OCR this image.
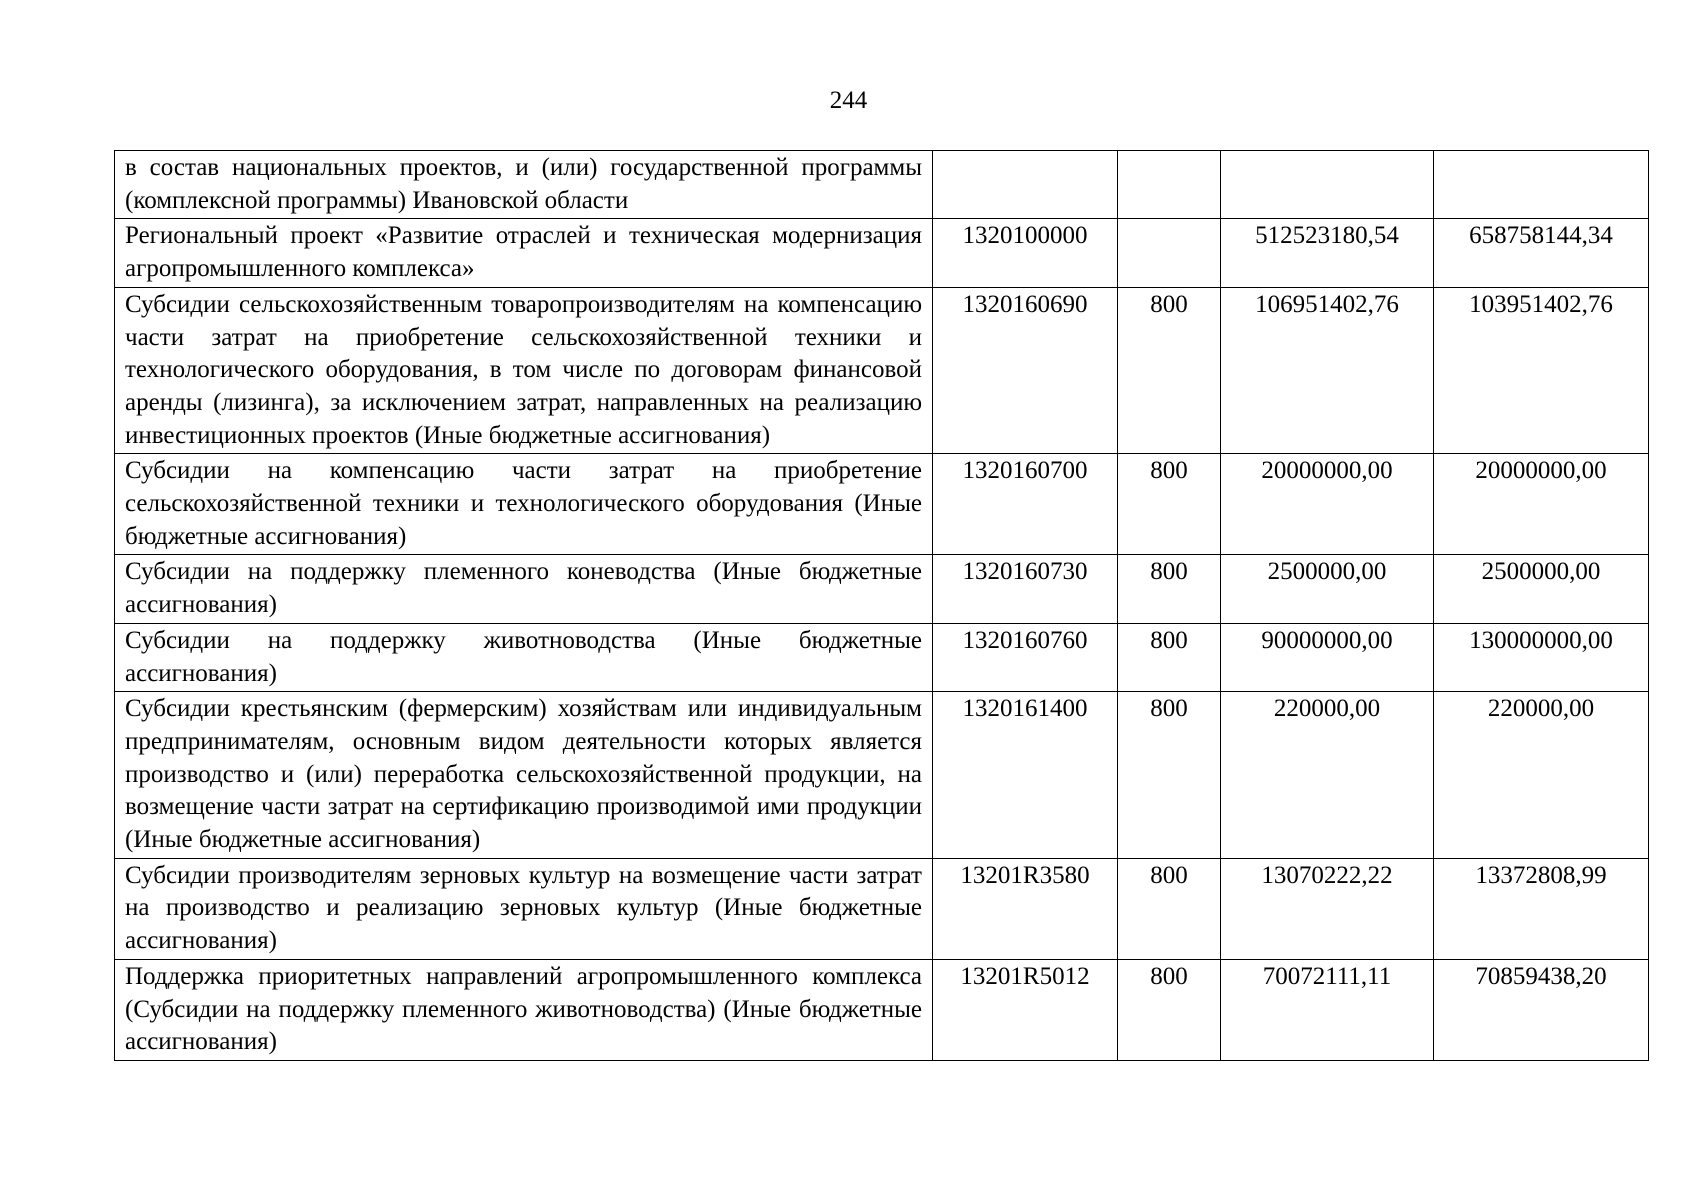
244
в состав национальных проектов, и (или) государственной программы (комплексной программы) Ивановской области				
Региональный проект «Развитие отраслей и техническая модернизация агропромышленного комплекса»	1320100000		512523180,54	658758144,34
Субсидии сельскохозяйственным товаропроизводителям на компенсацию части затрат на приобретение сельскохозяйственной техники и технологического оборудования, в том числе по договорам финансовой аренды (лизинга), за исключением затрат, направленных на реализацию инвестиционных проектов (Иные бюджетные ассигнования)	1320160690	800	106951402,76	103951402,76
Субсидии на компенсацию части затрат на приобретение сельскохозяйственной техники и технологического оборудования (Иные бюджетные ассигнования)	1320160700	800	20000000,00	20000000,00
Субсидии на поддержку племенного коневодства (Иные бюджетные ассигнования)	1320160730	800	2500000,00	2500000,00
Субсидии на поддержку животноводства (Иные бюджетные ассигнования)	1320160760	800	90000000,00	130000000,00
Субсидии крестьянским (фермерским) хозяйствам или индивидуальным предпринимателям, основным видом деятельности которых является производство и (или) переработка сельскохозяйственной продукции, на возмещение части затрат на сертификацию производимой ими продукции (Иные бюджетные ассигнования)	1320161400	800	220000,00	220000,00
Субсидии производителям зерновых культур на возмещение части затрат на производство и реализацию зерновых культур (Иные бюджетные ассигнования)	13201R3580	800	13070222,22	13372808,99
Поддержка приоритетных направлений агропромышленного комплекса (Субсидии на поддержку племенного животноводства) (Иные бюджетные ассигнования)	13201R5012	800	70072111,11	70859438,20
